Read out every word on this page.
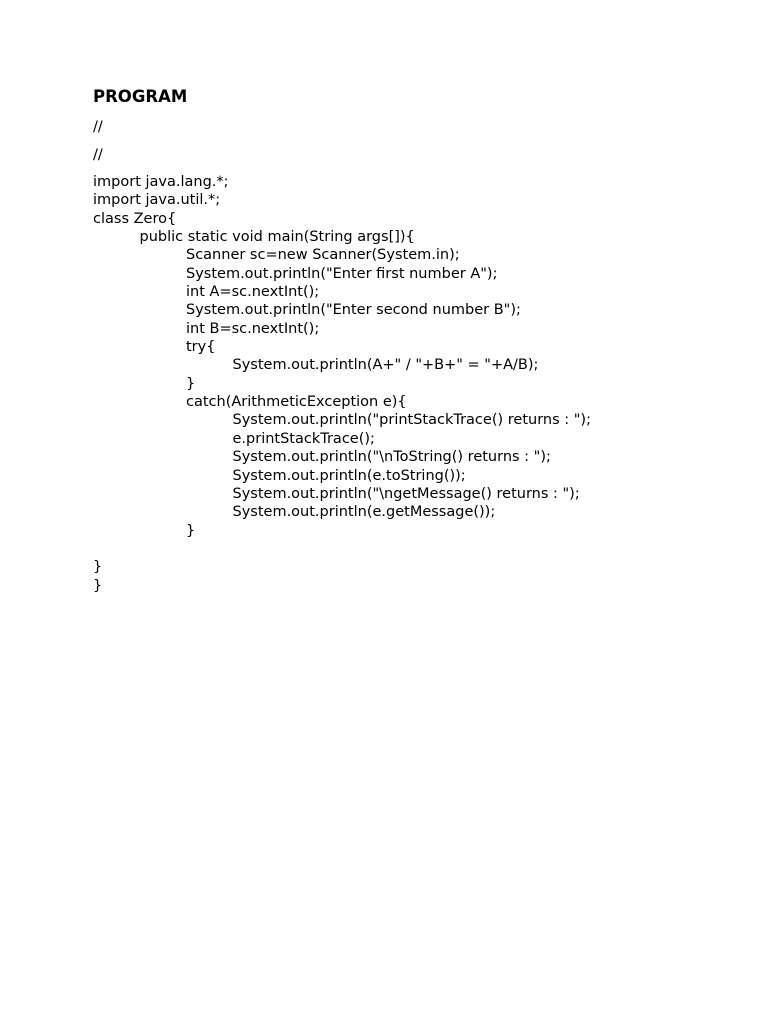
PROGRAM
//
//
import java.lang.*;
import java.util.*;
class Zero{
public static void main(String args[]){
Scanner sc=new Scanner(System.in);
System.out.println("Enter first number A");
int A=sc.nextInt();
System.out.println("Enter second number B");
int B=sc.nextInt();
try{
System.out.println(A+" / "+B+" = "+A/B);
}
catch(ArithmeticException e){
System.out.println("printStackTrace() returns : ");
e.printStackTrace();
System.out.println("\nToString() returns : ");
System.out.println(e.toString());
System.out.println("\ngetMessage() returns : ");
System.out.println(e.getMessage());
}
}
}
